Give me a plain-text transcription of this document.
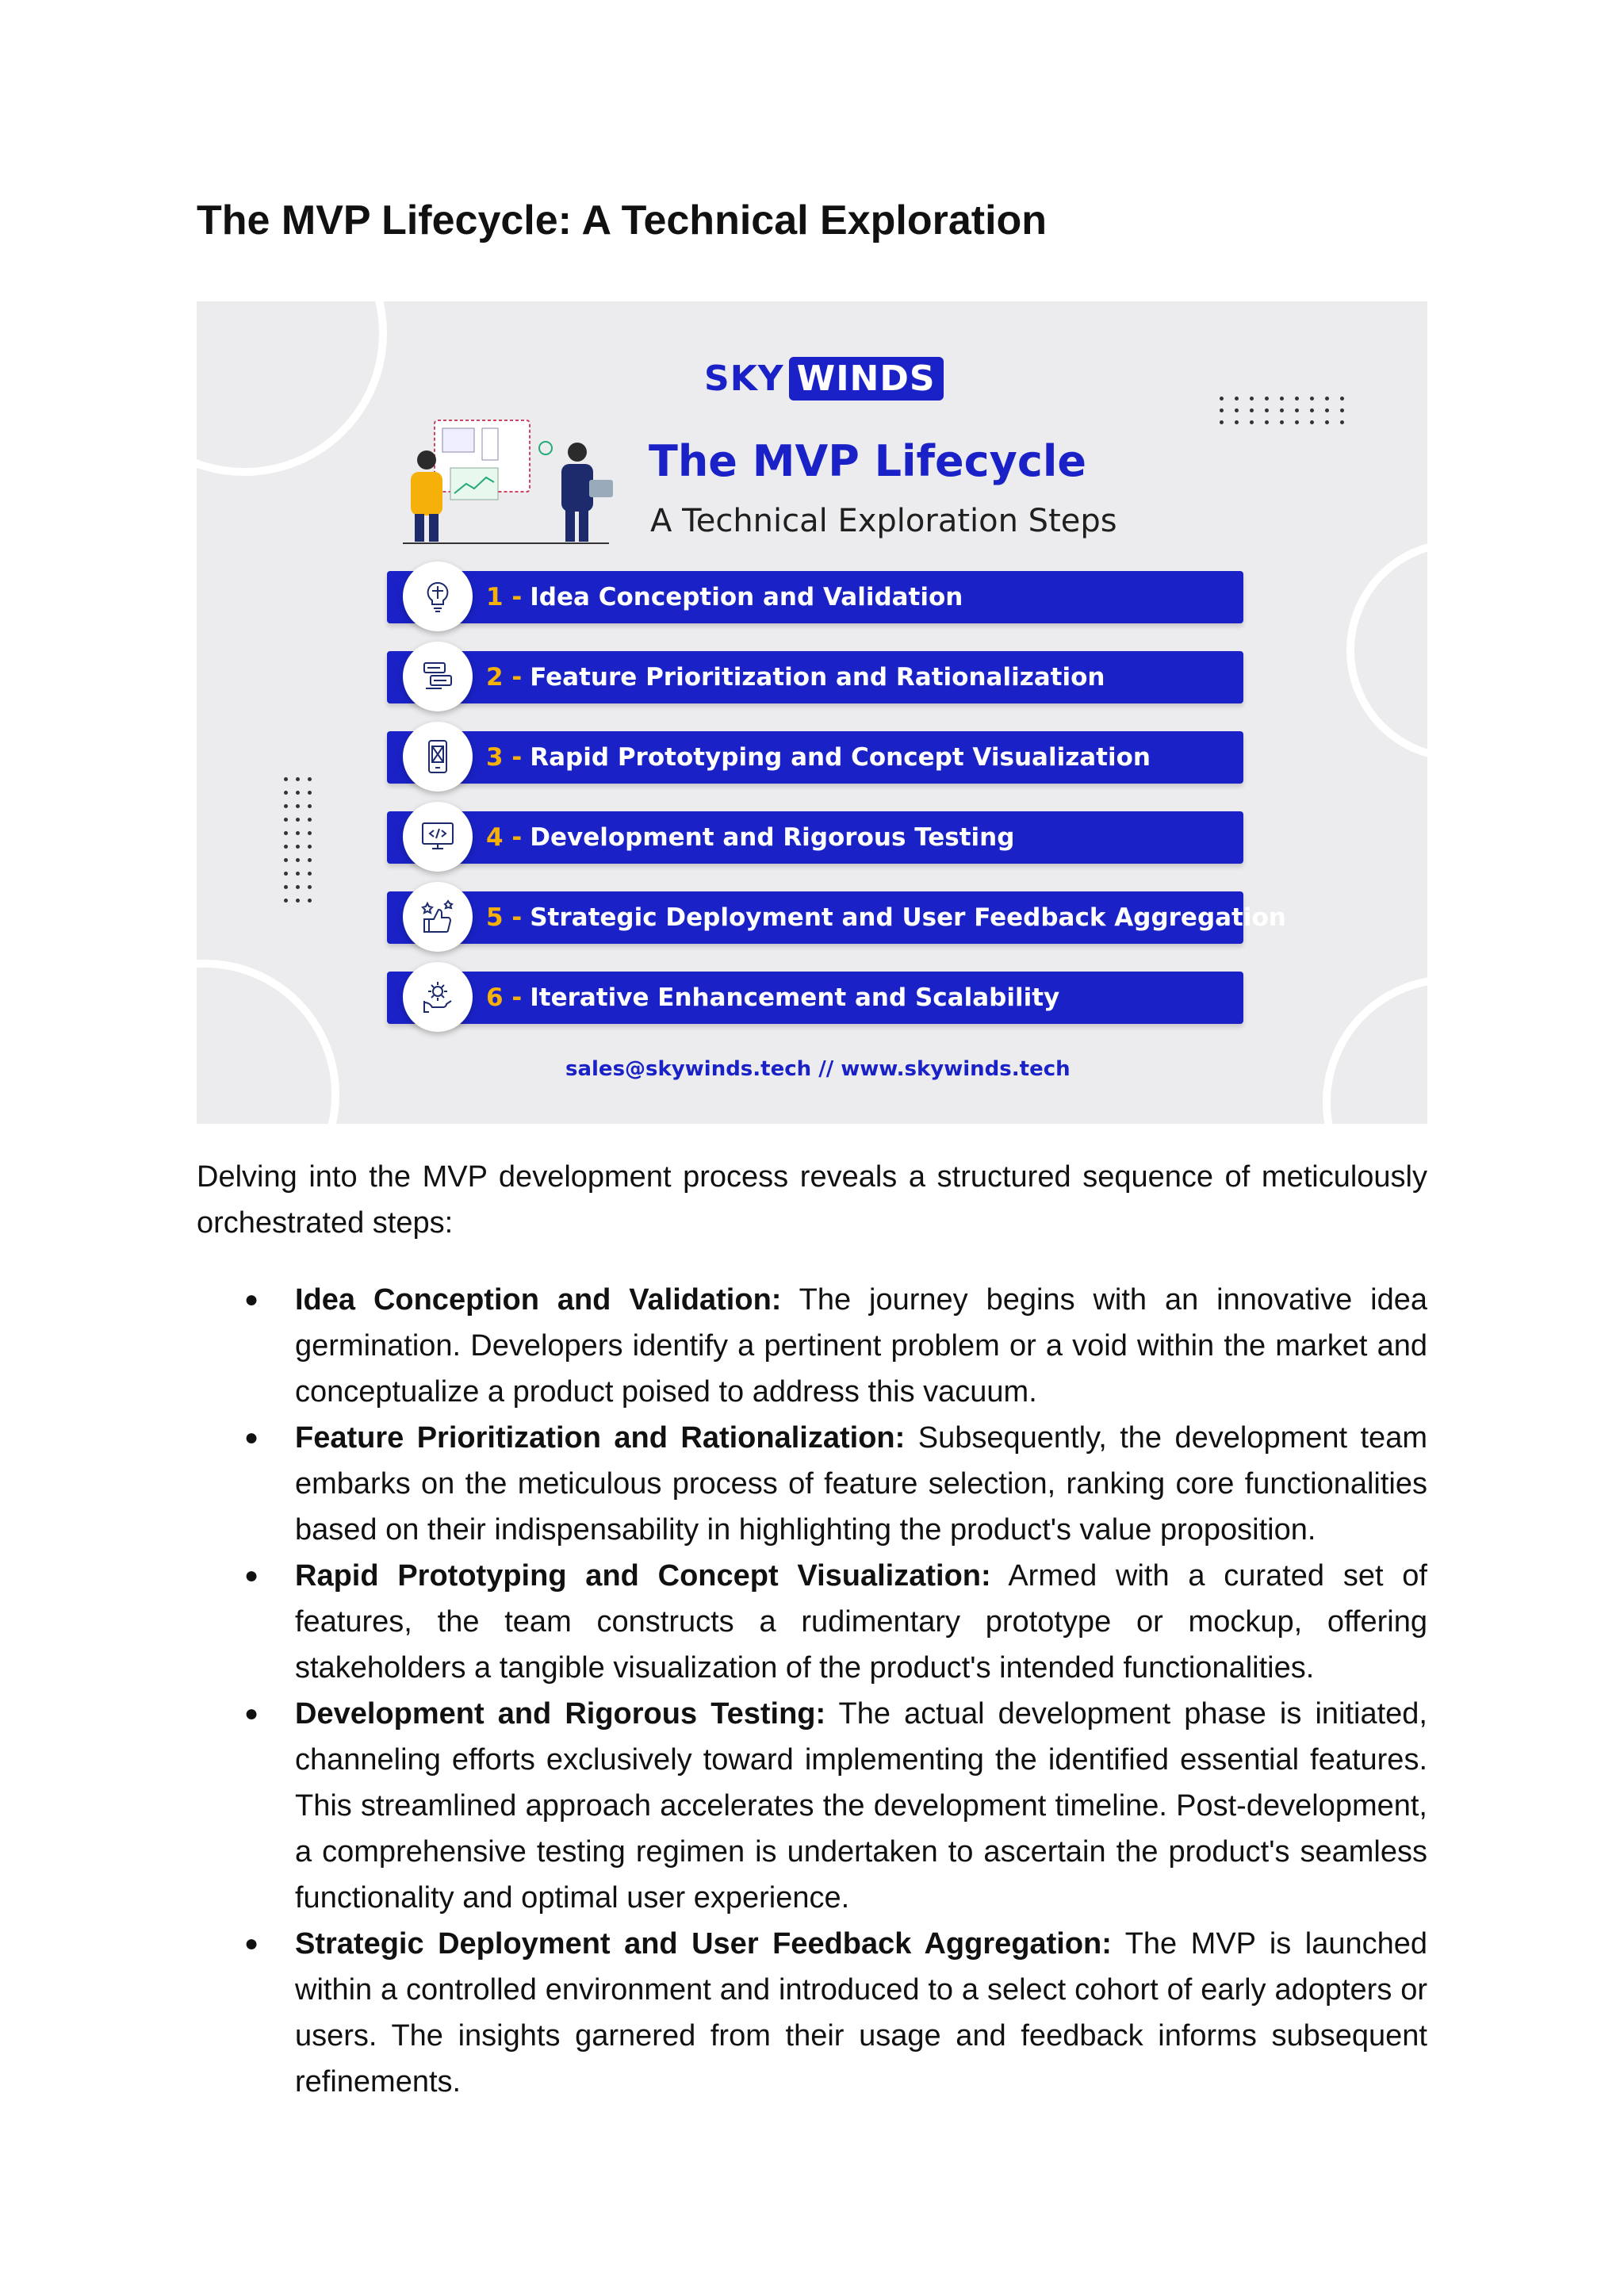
The MVP Lifecycle: A Technical Exploration
SKY WINDS
The MVP Lifecycle
A Technical Exploration Steps
1 - Idea Conception and Validation
2 - Feature Prioritization and Rationalization
3 - Rapid Prototyping and Concept Visualization
4 - Development and Rigorous Testing
5 - Strategic Deployment and User Feedback Aggregation
6 - Iterative Enhancement and Scalability
sales@skywinds.tech // www.skywinds.tech

Delving into the MVP development process reveals a structured sequence of meticulously orchestrated steps:

● Idea Conception and Validation: The journey begins with an innovative idea germination. Developers identify a pertinent problem or a void within the market and conceptualize a product poised to address this vacuum.
● Feature Prioritization and Rationalization: Subsequently, the development team embarks on the meticulous process of feature selection, ranking core functionalities based on their indispensability in highlighting the product's value proposition.
● Rapid Prototyping and Concept Visualization: Armed with a curated set of features, the team constructs a rudimentary prototype or mockup, offering stakeholders a tangible visualization of the product's intended functionalities.
● Development and Rigorous Testing: The actual development phase is initiated, channeling efforts exclusively toward implementing the identified essential features. This streamlined approach accelerates the development timeline. Post-development, a comprehensive testing regimen is undertaken to ascertain the product's seamless functionality and optimal user experience.
● Strategic Deployment and User Feedback Aggregation: The MVP is launched within a controlled environment and introduced to a select cohort of early adopters or users. The insights garnered from their usage and feedback informs subsequent refinements.
